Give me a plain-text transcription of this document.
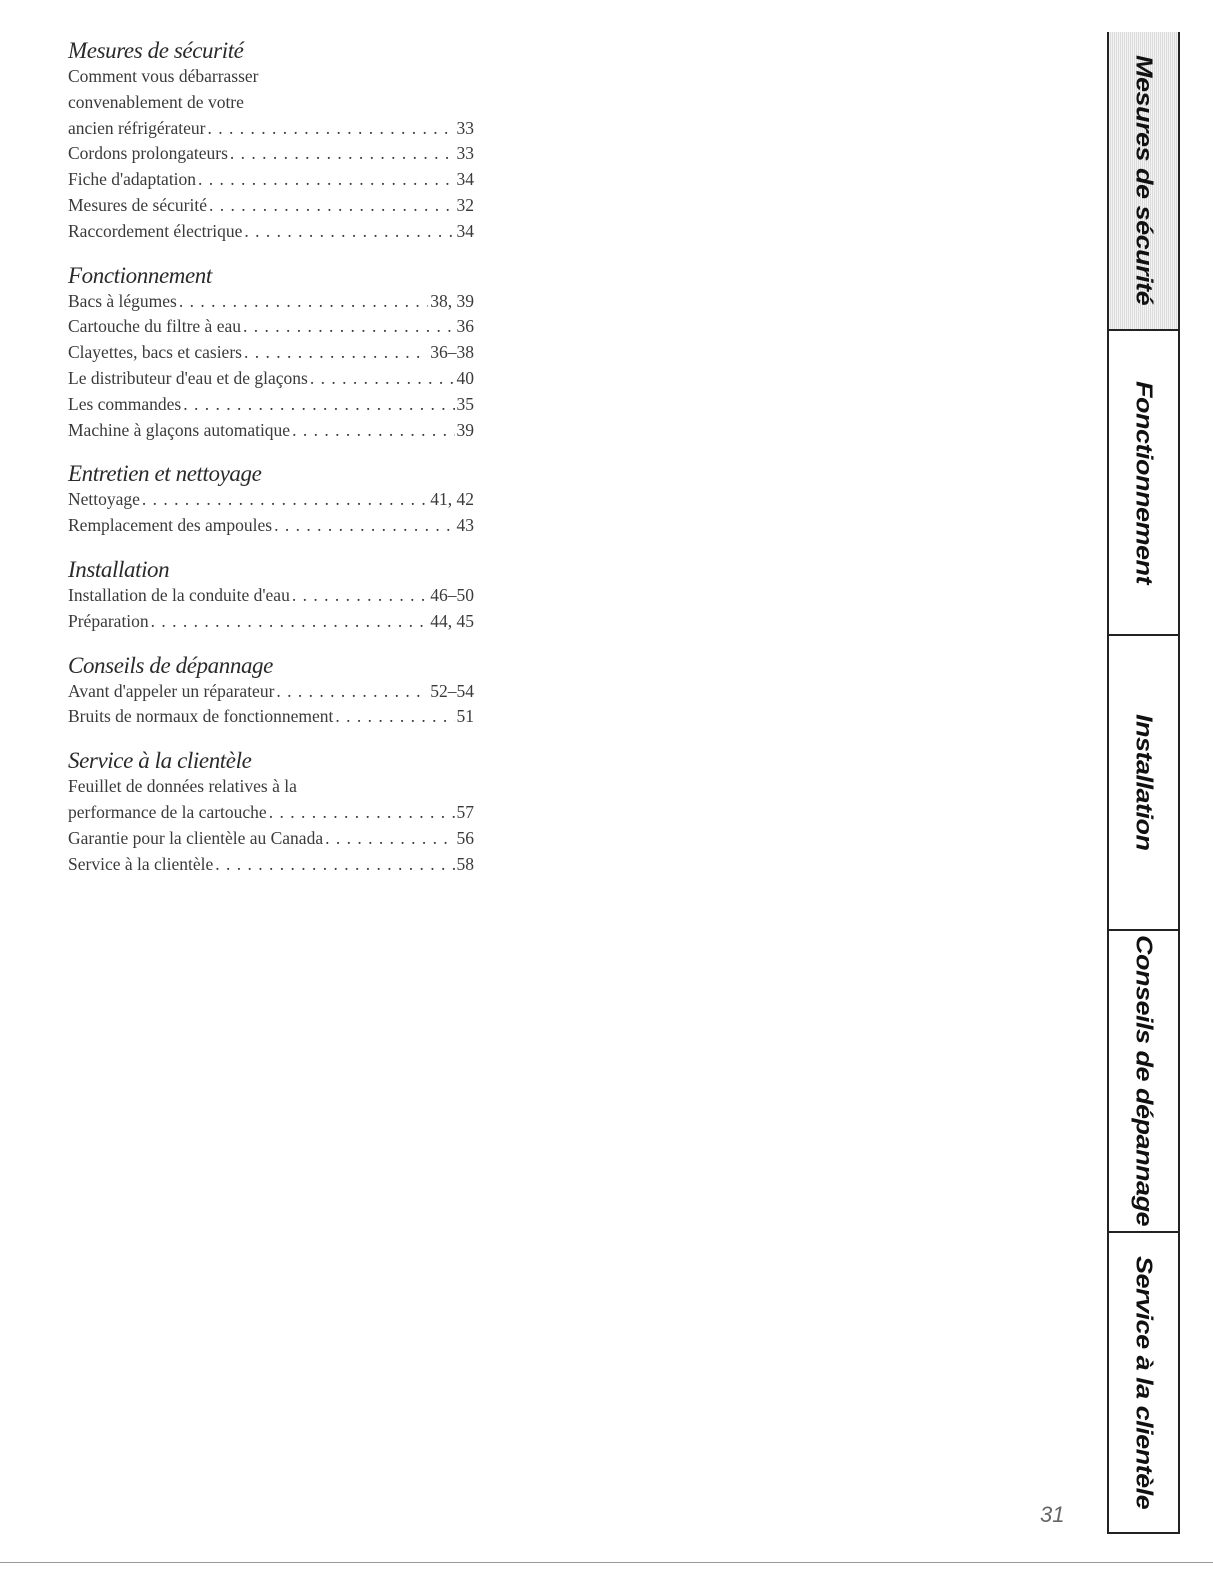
Mesures de sécurité
Comment vous débarrasser
convenablement de votre
ancien réfrigérateur . . .	33
Cordons prolongateurs . . .	33
Fiche d'adaptation . . .	34
Mesures de sécurité . . .	32
Raccordement électrique . . .	34
Fonctionnement
Bacs à légumes . . .	38, 39
Cartouche du filtre à eau . . .	36
Clayettes, bacs et casiers . . .	36–38
Le distributeur d'eau et de glaçons . . .	40
Les commandes . . .	35
Machine à glaçons automatique . . .	39
Entretien et nettoyage
Nettoyage . . .	41, 42
Remplacement des ampoules . . .	43
Installation
Installation de la conduite d'eau . . .	46–50
Préparation . . .	44, 45
Conseils de dépannage
Avant d'appeler un réparateur . . .	52–54
Bruits de normaux de fonctionnement . . .	51
Service à la clientèle
Feuillet de données relatives à la
performance de la cartouche . . .	57
Garantie pour la clientèle au Canada . . .	56
Service à la clientèle . . .	58
Mesures de sécurité
Fonctionnement
Installation
Conseils de dépannage
Service à la clientèle
31
